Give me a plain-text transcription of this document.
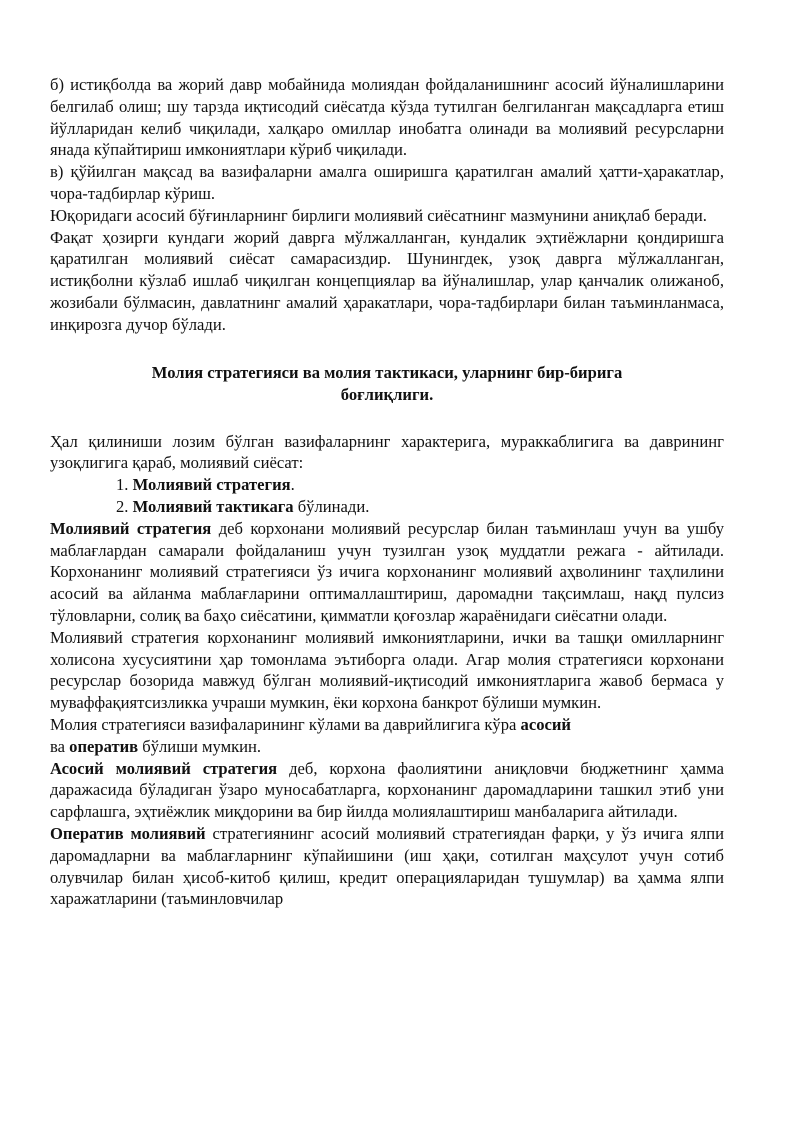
б) истиқболда ва жорий давр мобайнида молиядан фойдаланишнинг асосий йўналишларини белгилаб олиш; шу тарзда иқтисодий сиёсатда кўзда тутилган белгиланган мақсадларга етиш йўлларидан келиб чиқилади, халқаро омиллар инобатга олинади ва молиявий ресурсларни янада кўпайтириш имкониятлари кўриб чиқилади.

в) қўйилган мақсад ва вазифаларни амалга оширишга қаратилган амалий ҳатти-ҳаракатлар, чора-тадбирлар кўриш.

Юқоридаги асосий бўғинларнинг бирлиги молиявий сиёсатнинг мазмунини аниқлаб беради.

Фақат ҳозирги кундаги жорий даврга мўлжалланган, кундалик эҳтиёжларни қондиришга қаратилган молиявий сиёсат самарасиздир. Шунингдек, узоқ даврга мўлжалланган, истиқболни кўзлаб ишлаб чиқилган концепциялар ва йўналишлар, улар қанчалик олижаноб, жозибали бўлмасин, давлатнинг амалий ҳаракатлари, чора-тадбирлари билан таъминланмаса, инқирозга дучор бўлади.

Молия стратегияси ва молия тактикаси, уларнинг бир-бирига
боғлиқлиги.

Ҳал қилиниши лозим бўлган вазифаларнинг характерига, мураккаблигига ва даврининг узоқлигига қараб, молиявий сиёсат:

1. Молиявий стратегия.

2. Молиявий тактикага бўлинади.

Молиявий стратегия деб корхонани молиявий ресурслар билан таъминлаш учун ва ушбу маблағлардан самарали фойдаланиш учун тузилган узоқ муддатли режага - айтилади. Корхонанинг молиявий стратегияси ўз ичига корхонанинг молиявий аҳволининг таҳлилини асосий ва айланма маблағларини оптималлаштириш, даромадни тақсимлаш, нақд пулсиз тўловларни, солиқ ва баҳо сиёсатини, қимматли қоғозлар жараёнидаги сиёсатни олади.

Молиявий стратегия корхонанинг молиявий имкониятларини, ички ва ташқи омилларнинг холисона хусусиятини ҳар томонлама эътиборга олади. Агар молия стратегияси корхонани ресурслар бозорида мавжуд бўлган молиявий-иқтисодий имкониятларига жавоб бермаса у муваффақиятсизликка учраши мумкин, ёки корхона банкрот бўлиши мумкин.

Молия стратегияси вазифаларининг кўлами ва даврийлигига кўра асосий
ва оператив бўлиши мумкин.

Асосий молиявий стратегия деб, корхона фаолиятини аниқловчи бюджетнинг ҳамма даражасида бўладиган ўзаро муносабатларга, корхонанинг даромадларини ташкил этиб уни сарфлашга, эҳтиёжлик миқдорини ва бир йилда молиялаштириш манбаларига айтилади.

Оператив молиявий стратегиянинг асосий молиявий стратегиядан фарқи, у ўз ичига ялпи даромадларни ва маблағларнинг кўпайишини (иш ҳақи, сотилган маҳсулот учун сотиб олувчилар билан ҳисоб-китоб қилиш, кредит операцияларидан тушумлар) ва ҳамма ялпи харажатларини (таъминловчилар
